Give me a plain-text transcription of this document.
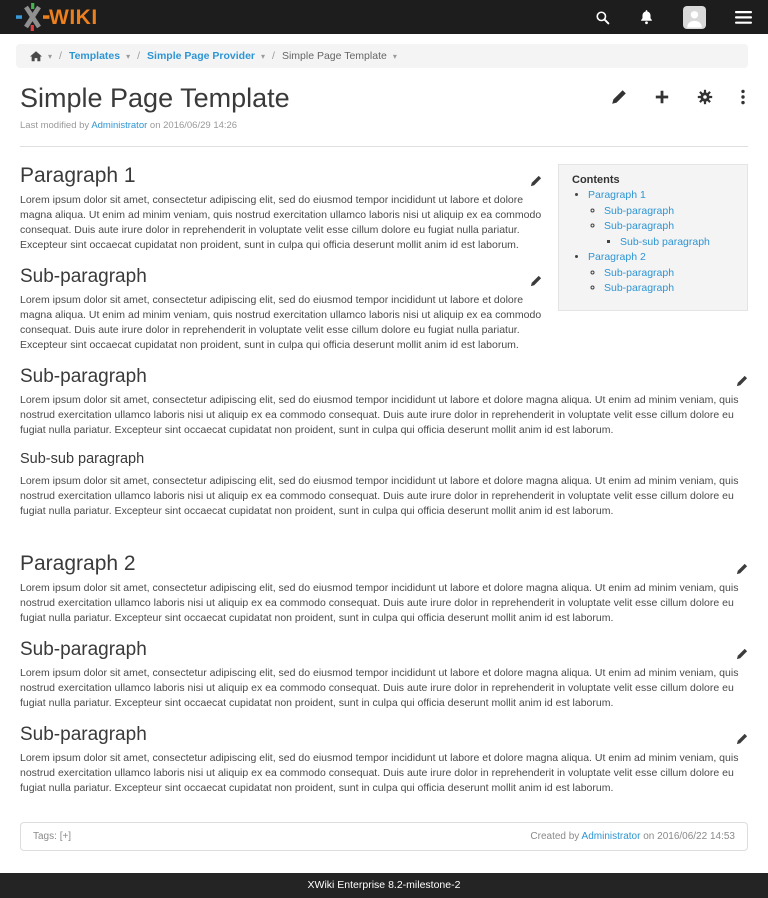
WIKI
▾ / Templates ▾ / Simple Page Provider ▾ / Simple Page Template ▾
Simple Page Template
Last modified by Administrator on 2016/06/29 14:26
Contents
• Paragraph 1
◦ Sub-paragraph
◦ Sub-paragraph
▪ Sub-sub paragraph
• Paragraph 2
◦ Sub-paragraph
◦ Sub-paragraph
Paragraph 1

Lorem ipsum dolor sit amet, consectetur adipiscing elit, sed do eiusmod tempor incididunt ut labore et dolore magna aliqua. Ut enim ad minim veniam, quis nostrud exercitation ullamco laboris nisi ut aliquip ex ea commodo consequat. Duis aute irure dolor in reprehenderit in voluptate velit esse cillum dolore eu fugiat nulla pariatur. Excepteur sint occaecat cupidatat non proident, sunt in culpa qui officia deserunt mollit anim id est laborum.

Sub-paragraph

Lorem ipsum dolor sit amet, consectetur adipiscing elit, sed do eiusmod tempor incididunt ut labore et dolore magna aliqua. Ut enim ad minim veniam, quis nostrud exercitation ullamco laboris nisi ut aliquip ex ea commodo consequat. Duis aute irure dolor in reprehenderit in voluptate velit esse cillum dolore eu fugiat nulla pariatur. Excepteur sint occaecat cupidatat non proident, sunt in culpa qui officia deserunt mollit anim id est laborum.

Sub-paragraph

Lorem ipsum dolor sit amet, consectetur adipiscing elit, sed do eiusmod tempor incididunt ut labore et dolore magna aliqua. Ut enim ad minim veniam, quis nostrud exercitation ullamco laboris nisi ut aliquip ex ea commodo consequat. Duis aute irure dolor in reprehenderit in voluptate velit esse cillum dolore eu fugiat nulla pariatur. Excepteur sint occaecat cupidatat non proident, sunt in culpa qui officia deserunt mollit anim id est laborum.

Sub-sub paragraph

Lorem ipsum dolor sit amet, consectetur adipiscing elit, sed do eiusmod tempor incididunt ut labore et dolore magna aliqua. Ut enim ad minim veniam, quis nostrud exercitation ullamco laboris nisi ut aliquip ex ea commodo consequat. Duis aute irure dolor in reprehenderit in voluptate velit esse cillum dolore eu fugiat nulla pariatur. Excepteur sint occaecat cupidatat non proident, sunt in culpa qui officia deserunt mollit anim id est laborum.

Paragraph 2

Lorem ipsum dolor sit amet, consectetur adipiscing elit, sed do eiusmod tempor incididunt ut labore et dolore magna aliqua. Ut enim ad minim veniam, quis nostrud exercitation ullamco laboris nisi ut aliquip ex ea commodo consequat. Duis aute irure dolor in reprehenderit in voluptate velit esse cillum dolore eu fugiat nulla pariatur. Excepteur sint occaecat cupidatat non proident, sunt in culpa qui officia deserunt mollit anim id est laborum.

Sub-paragraph

Lorem ipsum dolor sit amet, consectetur adipiscing elit, sed do eiusmod tempor incididunt ut labore et dolore magna aliqua. Ut enim ad minim veniam, quis nostrud exercitation ullamco laboris nisi ut aliquip ex ea commodo consequat. Duis aute irure dolor in reprehenderit in voluptate velit esse cillum dolore eu fugiat nulla pariatur. Excepteur sint occaecat cupidatat non proident, sunt in culpa qui officia deserunt mollit anim id est laborum.

Sub-paragraph

Lorem ipsum dolor sit amet, consectetur adipiscing elit, sed do eiusmod tempor incididunt ut labore et dolore magna aliqua. Ut enim ad minim veniam, quis nostrud exercitation ullamco laboris nisi ut aliquip ex ea commodo consequat. Duis aute irure dolor in reprehenderit in voluptate velit esse cillum dolore eu fugiat nulla pariatur. Excepteur sint occaecat cupidatat non proident, sunt in culpa qui officia deserunt mollit anim id est laborum.

Tags: [+]	Created by Administrator on 2016/06/22 14:53
XWiki Enterprise 8.2-milestone-2
